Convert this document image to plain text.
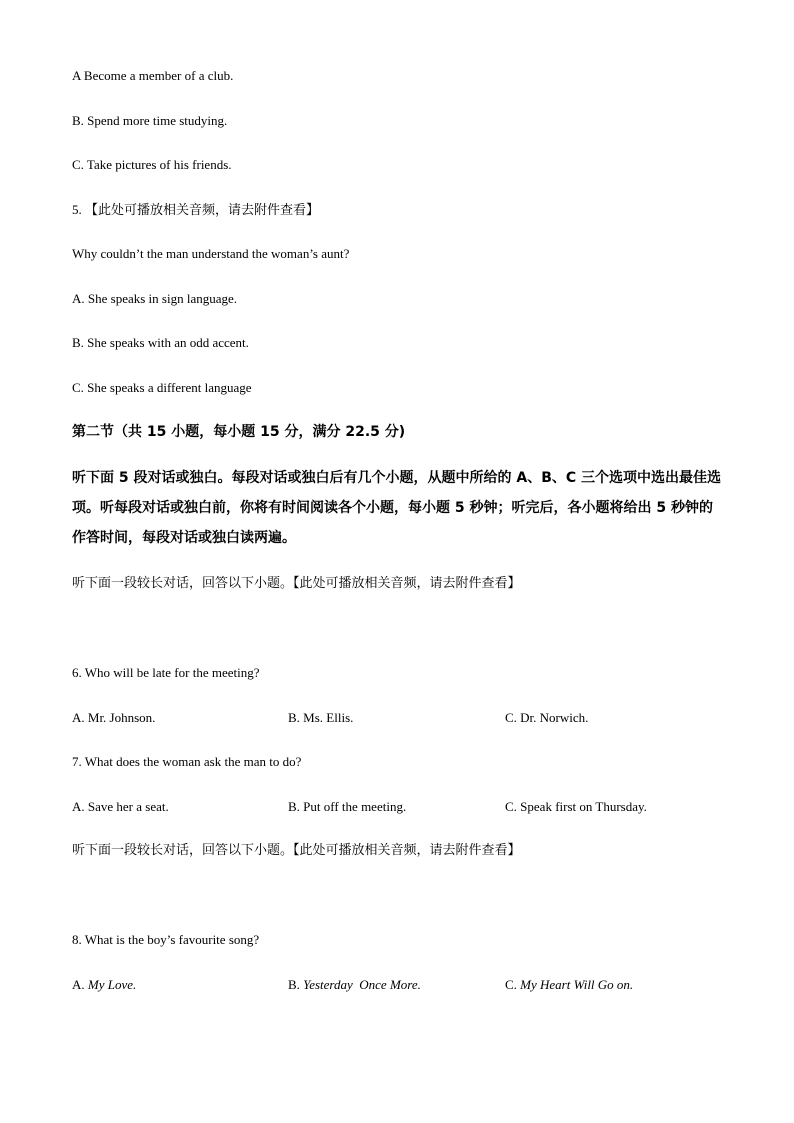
A Become a member of a club.
B. Spend more time studying.
C. Take pictures of his friends.
5. 【此处可播放相关音频，请去附件查看】
Why couldn’t the man understand the woman’s aunt?
A. She speaks in sign language.
B. She speaks with an odd accent.
C. She speaks a different language
第二节（共 15 小题，每小题 15 分，满分 22.5 分)
听下面 5 段对话或独白。每段对话或独白后有几个小题，从题中所给的 A、B、C 三个选项中选出最佳选项。听每段对话或独白前，你将有时间阅读各个小题，每小题 5 秒钟；听完后，各小题将给出 5 秒钟的作答时间，每段对话或独白读两遍。
听下面一段较长对话，回答以下小题。【此处可播放相关音频，请去附件查看】
6. Who will be late for the meeting?
A. Mr. Johnson.	B. Ms. Ellis.	C. Dr. Norwich.
7. What does the woman ask the man to do?
A. Save her a seat.	B. Put off the meeting.	C. Speak first on Thursday.
听下面一段较长对话，回答以下小题。【此处可播放相关音频，请去附件查看】
8. What is the boy’s favourite song?
A. My Love.	B. Yesterday  Once More.	C. My Heart Will Go on.
